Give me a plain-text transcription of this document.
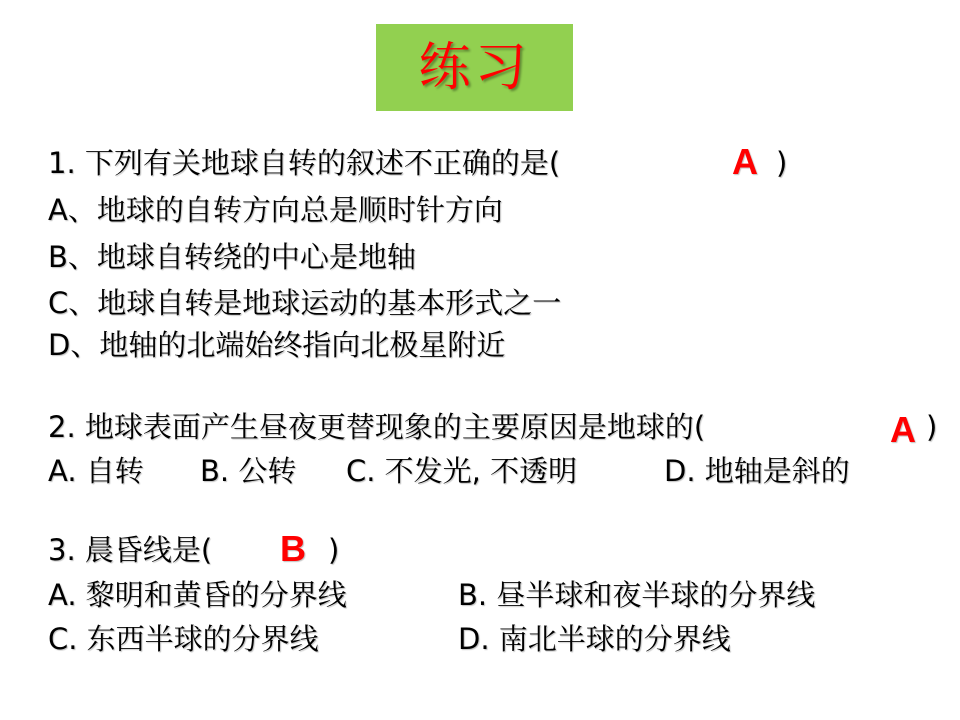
练习
1. 下列有关地球自转的叙述不正确的是(	A )
A、地球的自转方向总是顺时针方向
B、地球自转绕的中心是地轴
C、地球自转是地球运动的基本形式之一
D、地轴的北端始终指向北极星附近
2. 地球表面产生昼夜更替现象的主要原因是地球的(	A )
A. 自转 B. 公转 C. 不发光, 不透明	D. 地轴是斜的
3. 晨昏线是( B )
A. 黎明和黄昏的分界线	B. 昼半球和夜半球的分界线
C. 东西半球的分界线	D. 南北半球的分界线
